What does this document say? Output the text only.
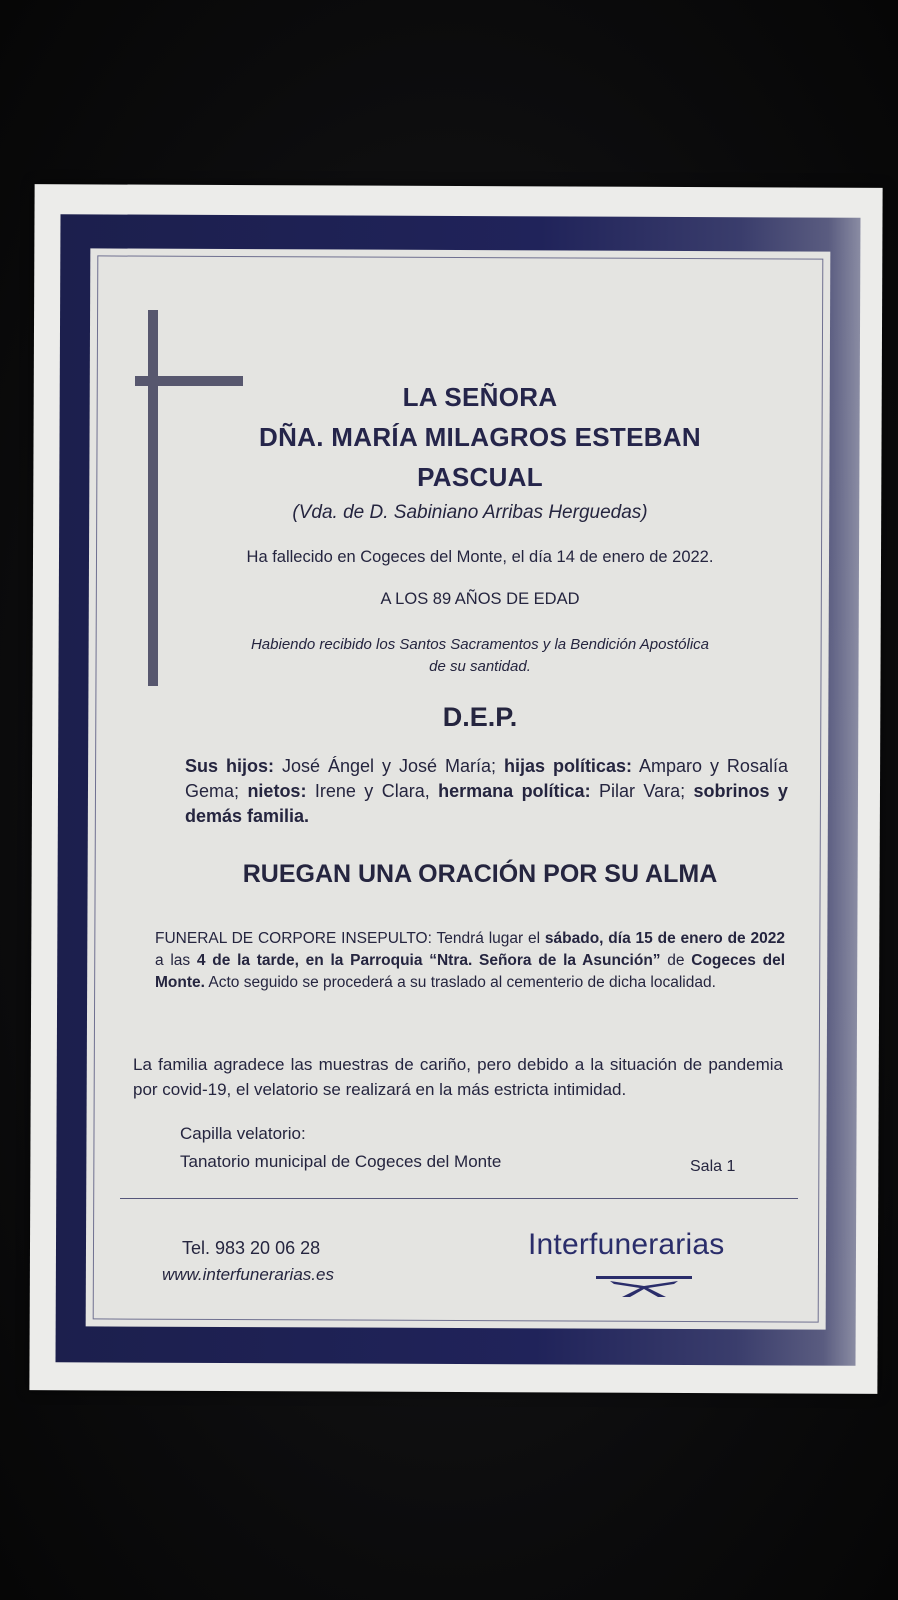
LA SEÑORA
DÑA. MARÍA MILAGROS ESTEBAN
PASCUAL
(Vda. de D. Sabiniano Arribas Herguedas)
Ha fallecido en Cogeces del Monte, el día 14 de enero de 2022.
A LOS 89 AÑOS DE EDAD
Habiendo recibido los Santos Sacramentos y la Bendición Apostólica
de su santidad.
D.E.P.
Sus hijos: José Ángel y José María; hijas políticas: Amparo y Rosalía Gema; nietos: Irene y Clara, hermana política: Pilar Vara; sobrinos y demás familia.
RUEGAN UNA ORACIÓN POR SU ALMA
FUNERAL DE CORPORE INSEPULTO: Tendrá lugar el sábado, día 15 de enero de 2022 a las 4 de la tarde, en la Parroquia “Ntra. Señora de la Asunción” de Cogeces del Monte. Acto seguido se procederá a su traslado al cementerio de dicha localidad.
La familia agradece las muestras de cariño, pero debido a la situación de pandemia por covid-19, el velatorio se realizará en la más estricta intimidad.
Capilla velatorio:
Tanatorio municipal de Cogeces del Monte	Sala 1
Tel. 983 20 06 28
www.interfunerarias.es
Interfunerarias
